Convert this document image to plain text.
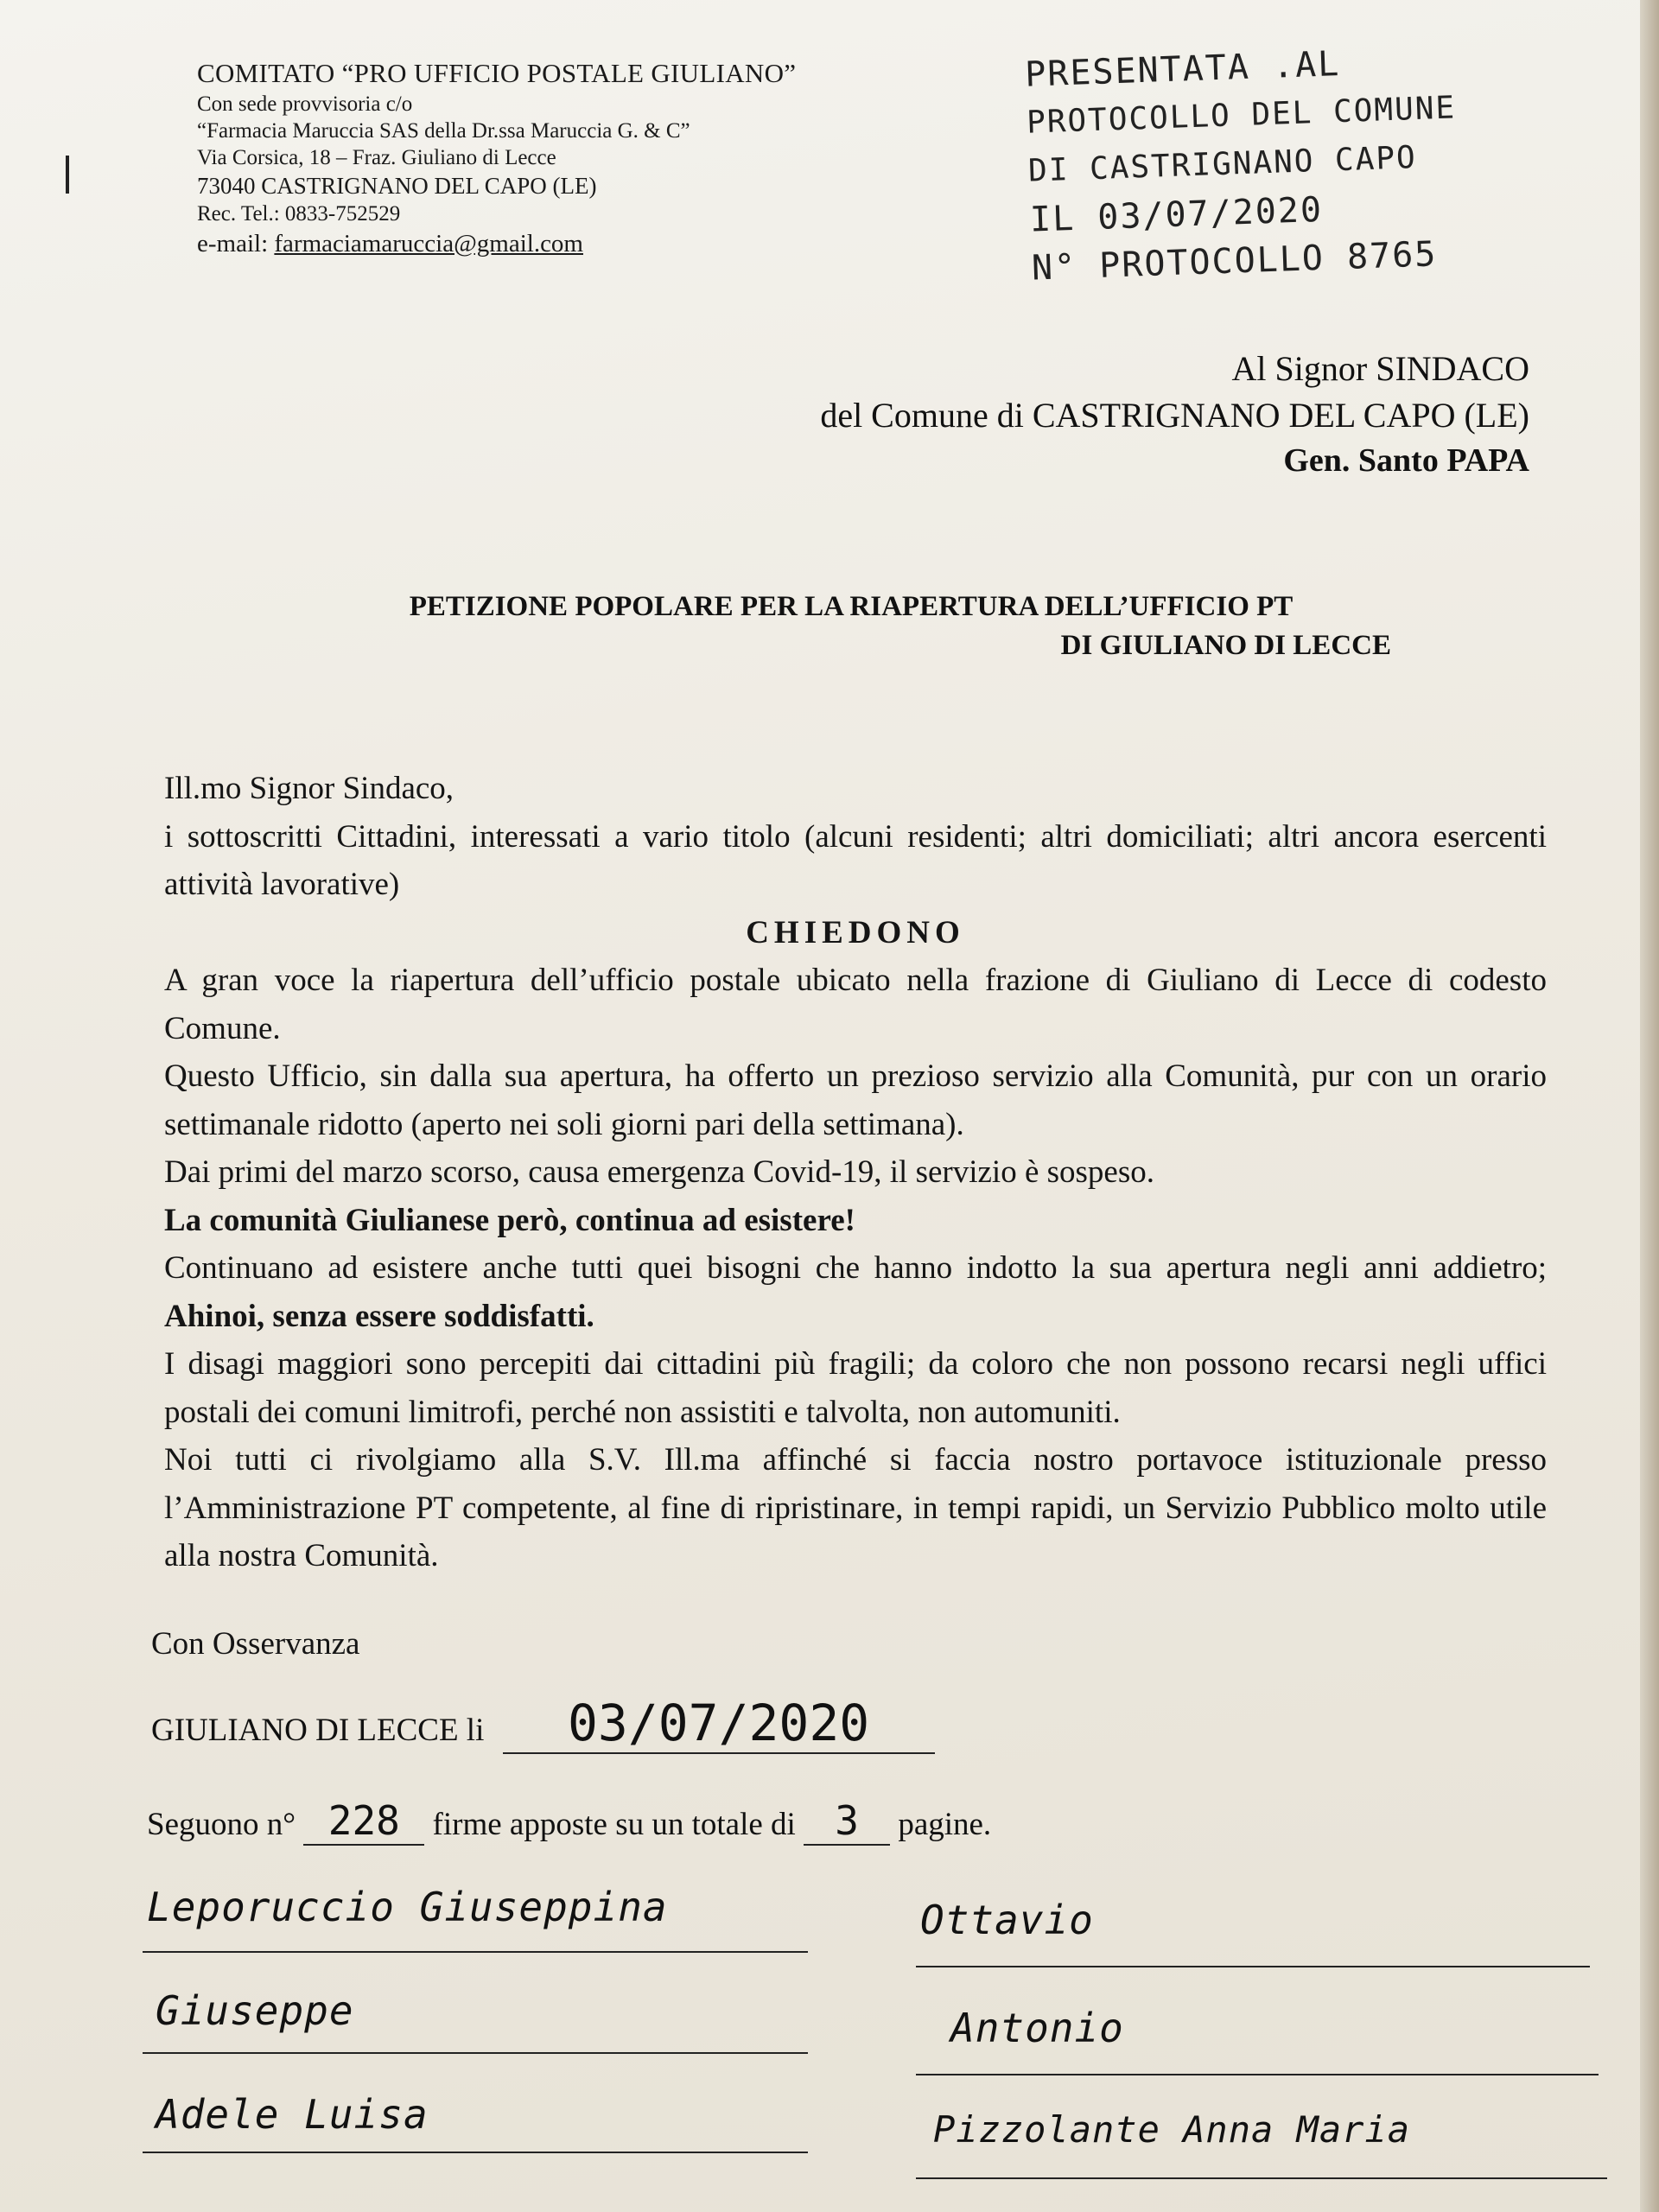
COMITATO “PRO UFFICIO POSTALE GIULIANO”
Con sede provvisoria c/o
“Farmacia Maruccia SAS della Dr.ssa Maruccia G. & C”
Via Corsica, 18 – Fraz. Giuliano di Lecce
73040 CASTRIGNANO DEL CAPO (LE)
Rec. Tel.: 0833-752529
e-mail: farmaciamaruccia@gmail.com
PRESENTATA .AL
PROTOCOLLO DEL COMUNE
DI CASTRIGNANO CAPO
IL 03/07/2020
N° PROTOCOLLO 8765
Al Signor SINDACO
del Comune di CASTRIGNANO DEL CAPO (LE)
Gen. Santo PAPA
PETIZIONE POPOLARE PER LA RIAPERTURA DELL’UFFICIO PT
DI GIULIANO DI LECCE
Ill.mo Signor Sindaco,
i sottoscritti Cittadini, interessati a vario titolo (alcuni residenti; altri domiciliati; altri ancora esercenti attività lavorative)
CHIEDONO
A gran voce la riapertura dell’ufficio postale ubicato nella frazione di Giuliano di Lecce di codesto Comune.
Questo Ufficio, sin dalla sua apertura, ha offerto un prezioso servizio alla Comunità, pur con un orario settimanale ridotto (aperto nei soli giorni pari della settimana).
Dai primi del marzo scorso, causa emergenza Covid-19, il servizio è sospeso.
La comunità Giulianese però, continua ad esistere!
Continuano ad esistere anche tutti quei bisogni che hanno indotto la sua apertura negli anni addietro; Ahinoi, senza essere soddisfatti.
I disagi maggiori sono percepiti dai cittadini più fragili; da coloro che non possono recarsi negli uffici postali dei comuni limitrofi, perché non assistiti e talvolta, non automuniti.
Noi tutti ci rivolgiamo alla S.V. Ill.ma affinché si faccia nostro portavoce istituzionale presso l’Amministrazione PT competente, al fine di ripristinare, in tempi rapidi, un Servizio Pubblico molto utile alla nostra Comunità.
Con Osservanza
GIULIANO DI LECCE li 03/07/2020
Seguono n° 228 firme apposte su un totale di 3 pagine.
Leporuccio Giuseppina
Giuseppe
Adele Luisa
Ottavio
Antonio
Pizzolante Anna Maria
